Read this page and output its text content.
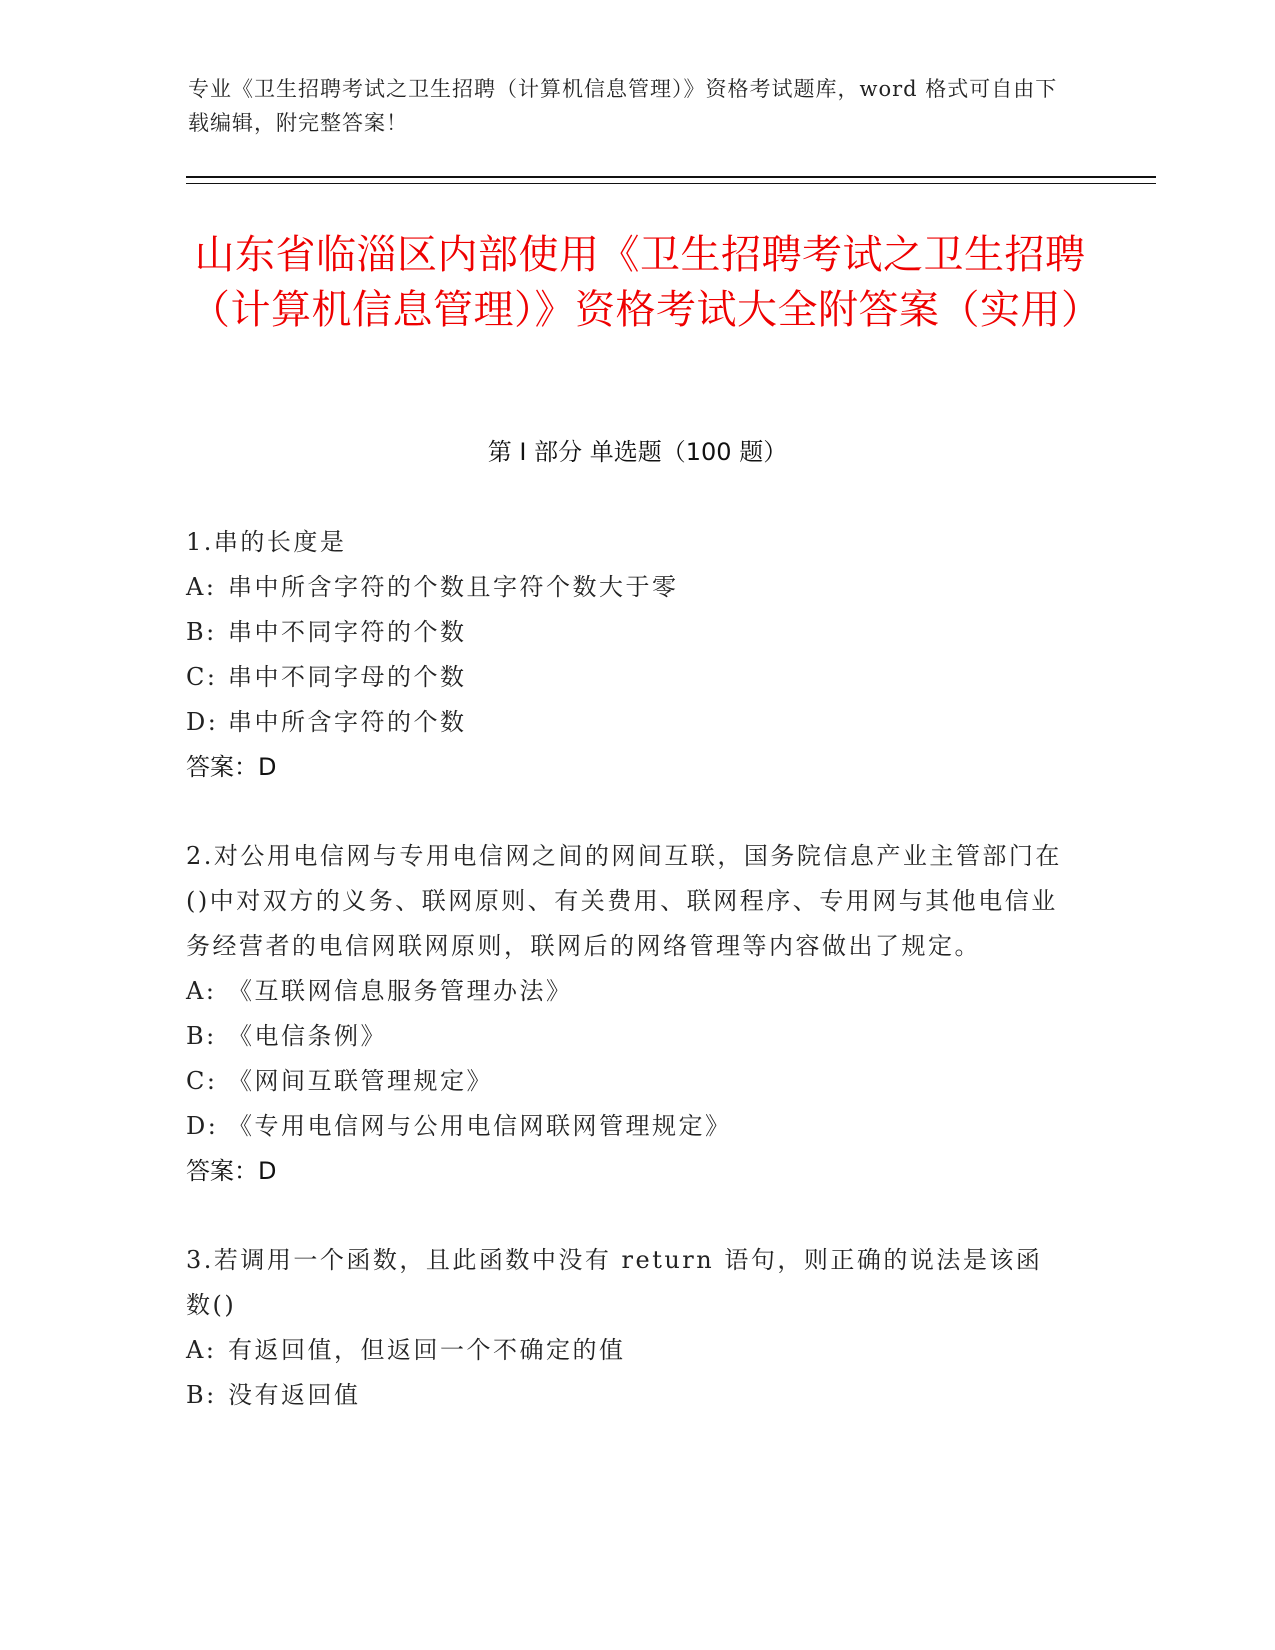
专业《卫生招聘考试之卫生招聘（计算机信息管理）》资格考试题库，word 格式可自由下载编辑，附完整答案！
山东省临淄区内部使用《卫生招聘考试之卫生招聘（计算机信息管理）》资格考试大全附答案（实用）
第 I 部分 单选题（100 题）
1.串的长度是
A: 串中所含字符的个数且字符个数大于零
B: 串中不同字符的个数
C: 串中不同字母的个数
D: 串中所含字符的个数
答案：D
2.对公用电信网与专用电信网之间的网间互联，国务院信息产业主管部门在()中对双方的义务、联网原则、有关费用、联网程序、专用网与其他电信业务经营者的电信网联网原则，联网后的网络管理等内容做出了规定。
A: 《互联网信息服务管理办法》
B: 《电信条例》
C: 《网间互联管理规定》
D: 《专用电信网与公用电信网联网管理规定》
答案：D
3.若调用一个函数，且此函数中没有 return 语句，则正确的说法是该函数()
A: 有返回值，但返回一个不确定的值
B: 没有返回值
